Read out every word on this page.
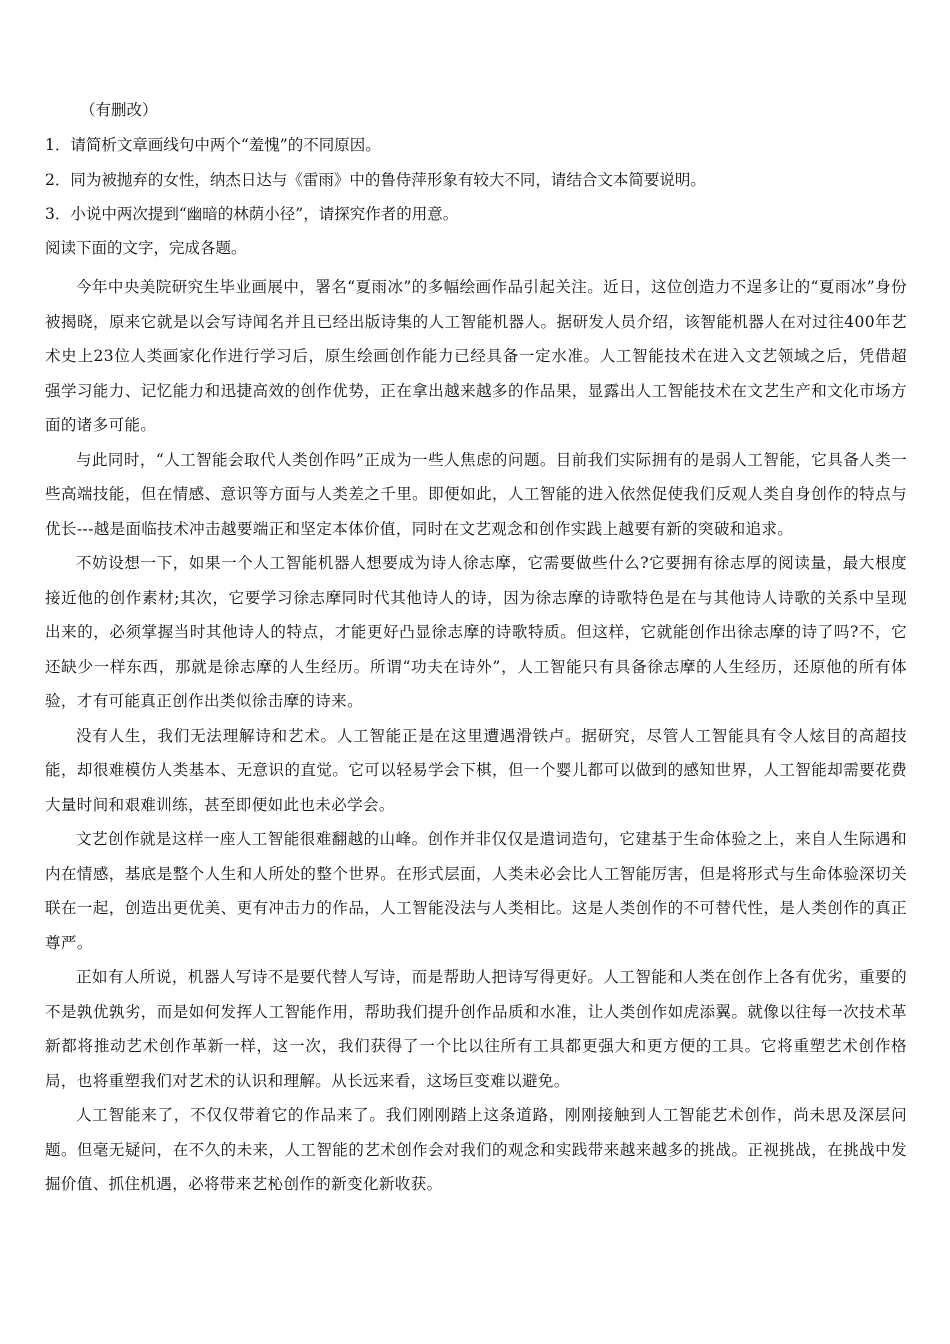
（有删改）
1．请简析文章画线句中两个“羞愧”的不同原因。
2．同为被抛弃的女性，纳杰日达与《雷雨》中的鲁侍萍形象有较大不同，请结合文本简要说明。
3．小说中两次提到“幽暗的林荫小径”，请探究作者的用意。
阅读下面的文字，完成各题。

今年中央美院研究生毕业画展中，署名“夏雨冰”的多幅绘画作品引起关注。近日，这位创造力不逞多让的“夏雨冰”身份被揭晓，原来它就是以会写诗闻名并且已经出版诗集的人工智能机器人。据研发人员介绍，该智能机器人在对过往400年艺术史上23位人类画家化作进行学习后，原生绘画创作能力已经具备一定水准。人工智能技术在进入文艺领域之后，凭借超强学习能力、记忆能力和迅捷高效的创作优势，正在拿出越来越多的作品果，显露出人工智能技术在文艺生产和文化市场方面的诸多可能。

与此同时，“人工智能会取代人类创作吗”正成为一些人焦虑的问题。目前我们实际拥有的是弱人工智能，它具备人类一些高端技能，但在情感、意识等方面与人类差之千里。即便如此，人工智能的进入依然促使我们反观人类自身创作的特点与优长---越是面临技术冲击越要端正和坚定本体价值，同时在文艺观念和创作实践上越要有新的突破和追求。

不妨设想一下，如果一个人工智能机器人想要成为诗人徐志摩，它需要做些什么?它要拥有徐志厚的阅读量，最大根度接近他的创作素材;其次，它要学习徐志摩同时代其他诗人的诗，因为徐志摩的诗歌特色是在与其他诗人诗歌的关系中呈现出来的，必须掌握当时其他诗人的特点，才能更好凸显徐志摩的诗歌特质。但这样，它就能创作出徐志摩的诗了吗?不，它还缺少一样东西，那就是徐志摩的人生经历。所谓“功夫在诗外”，人工智能只有具备徐志摩的人生经历，还原他的所有体验，才有可能真正创作出类似徐击摩的诗来。

没有人生，我们无法理解诗和艺术。人工智能正是在这里遭遇滑铁卢。据研究，尽管人工智能具有令人炫目的高超技能，却很难模仿人类基本、无意识的直觉。它可以轻易学会下棋，但一个婴儿都可以做到的感知世界，人工智能却需要花费大量时间和艰难训练，甚至即便如此也未必学会。

文艺创作就是这样一座人工智能很难翻越的山峰。创作并非仅仅是遣词造句，它建基于生命体验之上，来自人生际遇和内在情感，基底是整个人生和人所处的整个世界。在形式层面，人类未必会比人工智能厉害，但是将形式与生命体验深切关联在一起，创造出更优美、更有冲击力的作品，人工智能没法与人类相比。这是人类创作的不可替代性，是人类创作的真正尊严。

正如有人所说，机器人写诗不是要代替人写诗，而是帮助人把诗写得更好。人工智能和人类在创作上各有优劣，重要的不是孰优孰劣，而是如何发挥人工智能作用，帮助我们提升创作品质和水准，让人类创作如虎添翼。就像以往每一次技术革新都将推动艺术创作革新一样，这一次，我们获得了一个比以往所有工具都更强大和更方便的工具。它将重塑艺术创作格局，也将重塑我们对艺术的认识和理解。从长远来看，这场巨变难以避免。

人工智能来了，不仅仅带着它的作品来了。我们刚刚踏上这条道路，刚刚接触到人工智能艺术创作，尚未思及深层问题。但毫无疑问，在不久的未来，人工智能的艺术创作会对我们的观念和实践带来越来越多的挑战。正视挑战，在挑战中发掘价值、抓住机遇，必将带来艺杺创作的新变化新收获。
